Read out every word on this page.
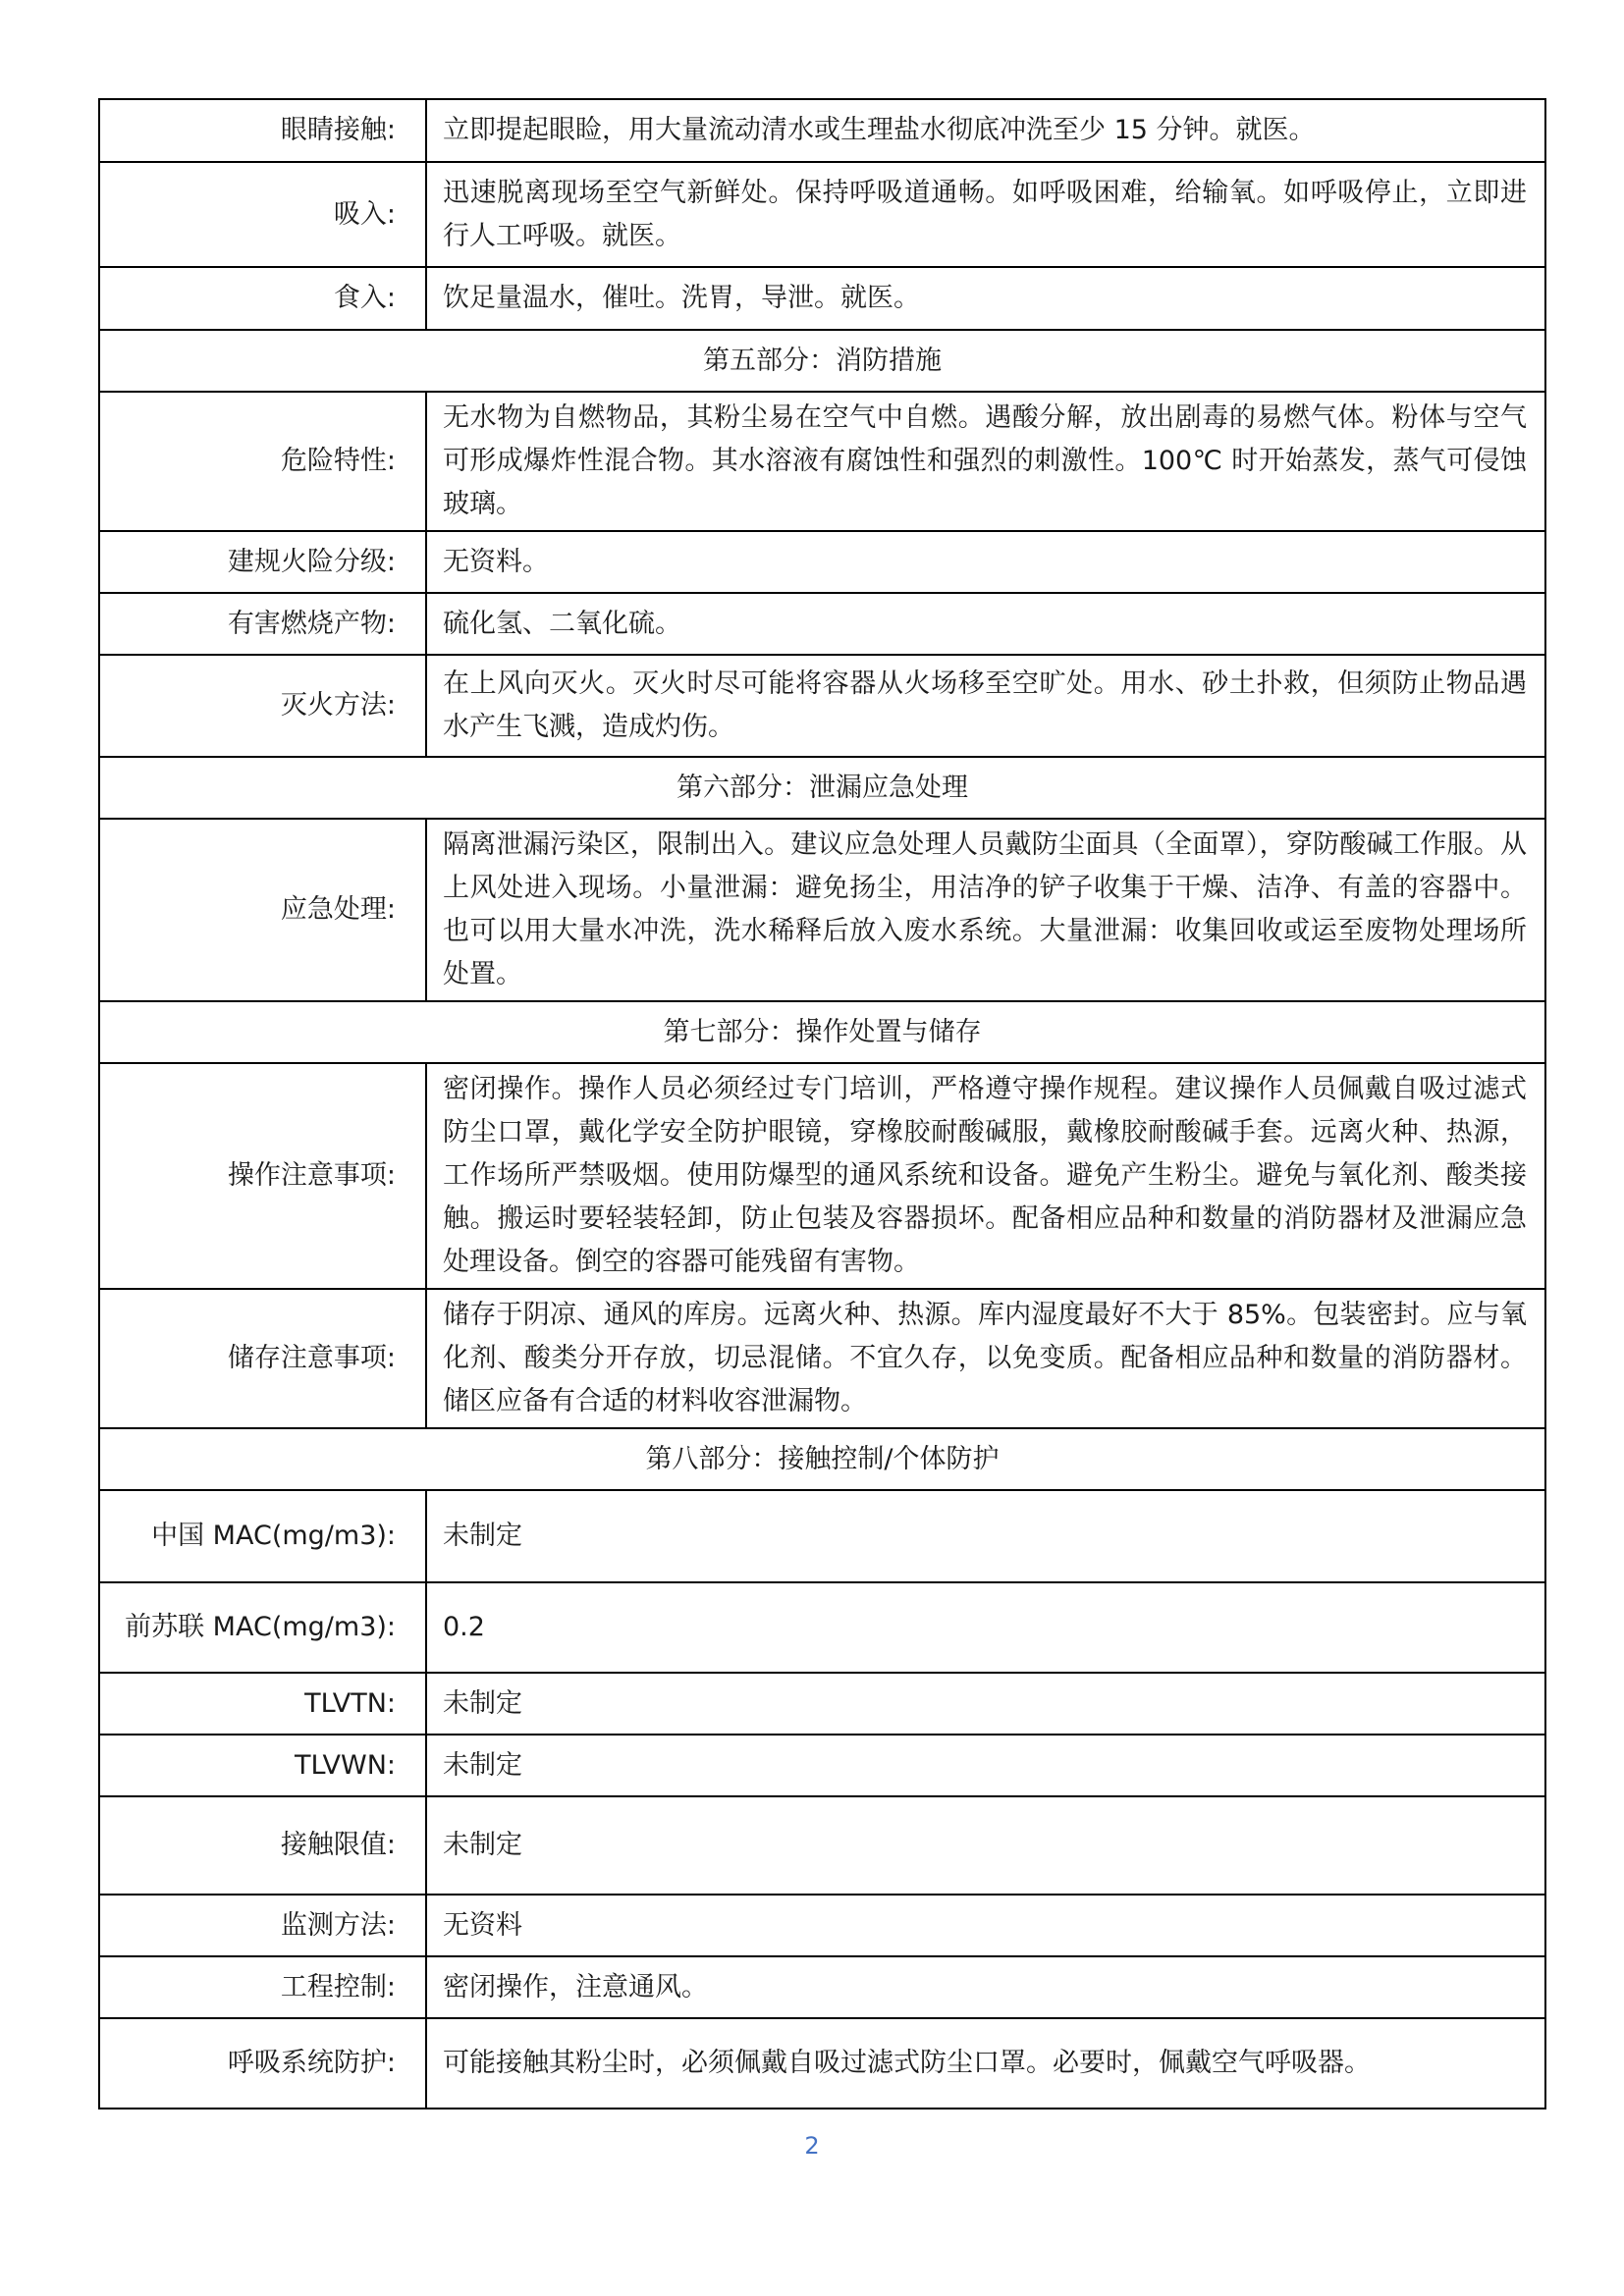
眼睛接触:	立即提起眼睑，用大量流动清水或生理盐水彻底冲洗至少 15 分钟。就医。
吸入:	迅速脱离现场至空气新鲜处。保持呼吸道通畅。如呼吸困难，给输氧。如呼吸停止，立即进行人工呼吸。就医。
食入:	饮足量温水，催吐。洗胃，导泄。就医。
第五部分：消防措施	
危险特性:	无水物为自燃物品，其粉尘易在空气中自燃。遇酸分解，放出剧毒的易燃气体。粉体与空气可形成爆炸性混合物。其水溶液有腐蚀性和强烈的刺激性。100℃ 时开始蒸发，蒸气可侵蚀玻璃。
建规火险分级:	无资料。
有害燃烧产物:	硫化氢、二氧化硫。
灭火方法:	在上风向灭火。灭火时尽可能将容器从火场移至空旷处。用水、砂土扑救，但须防止物品遇水产生飞溅，造成灼伤。
第六部分：泄漏应急处理	
应急处理:	隔离泄漏污染区，限制出入。建议应急处理人员戴防尘面具（全面罩），穿防酸碱工作服。从上风处进入现场。小量泄漏：避免扬尘，用洁净的铲子收集于干燥、洁净、有盖的容器中。也可以用大量水冲洗，洗水稀释后放入废水系统。大量泄漏：收集回收或运至废物处理场所处置。
第七部分：操作处置与储存	
操作注意事项:	密闭操作。操作人员必须经过专门培训，严格遵守操作规程。建议操作人员佩戴自吸过滤式防尘口罩，戴化学安全防护眼镜，穿橡胶耐酸碱服，戴橡胶耐酸碱手套。远离火种、热源，工作场所严禁吸烟。使用防爆型的通风系统和设备。避免产生粉尘。避免与氧化剂、酸类接触。搬运时要轻装轻卸，防止包装及容器损坏。配备相应品种和数量的消防器材及泄漏应急处理设备。倒空的容器可能残留有害物。
储存注意事项:	储存于阴凉、通风的库房。远离火种、热源。库内湿度最好不大于 85%。包装密封。应与氧化剂、酸类分开存放，切忌混储。不宜久存，以免变质。配备相应品种和数量的消防器材。储区应备有合适的材料收容泄漏物。
第八部分：接触控制/个体防护	
中国 MAC(mg/m3):	未制定
前苏联 MAC(mg/m3):	0.2
TLVTN:	未制定
TLVWN:	未制定
接触限值:	未制定
监测方法:	无资料
工程控制:	密闭操作，注意通风。
呼吸系统防护:	可能接触其粉尘时，必须佩戴自吸过滤式防尘口罩。必要时，佩戴空气呼吸器。
2
